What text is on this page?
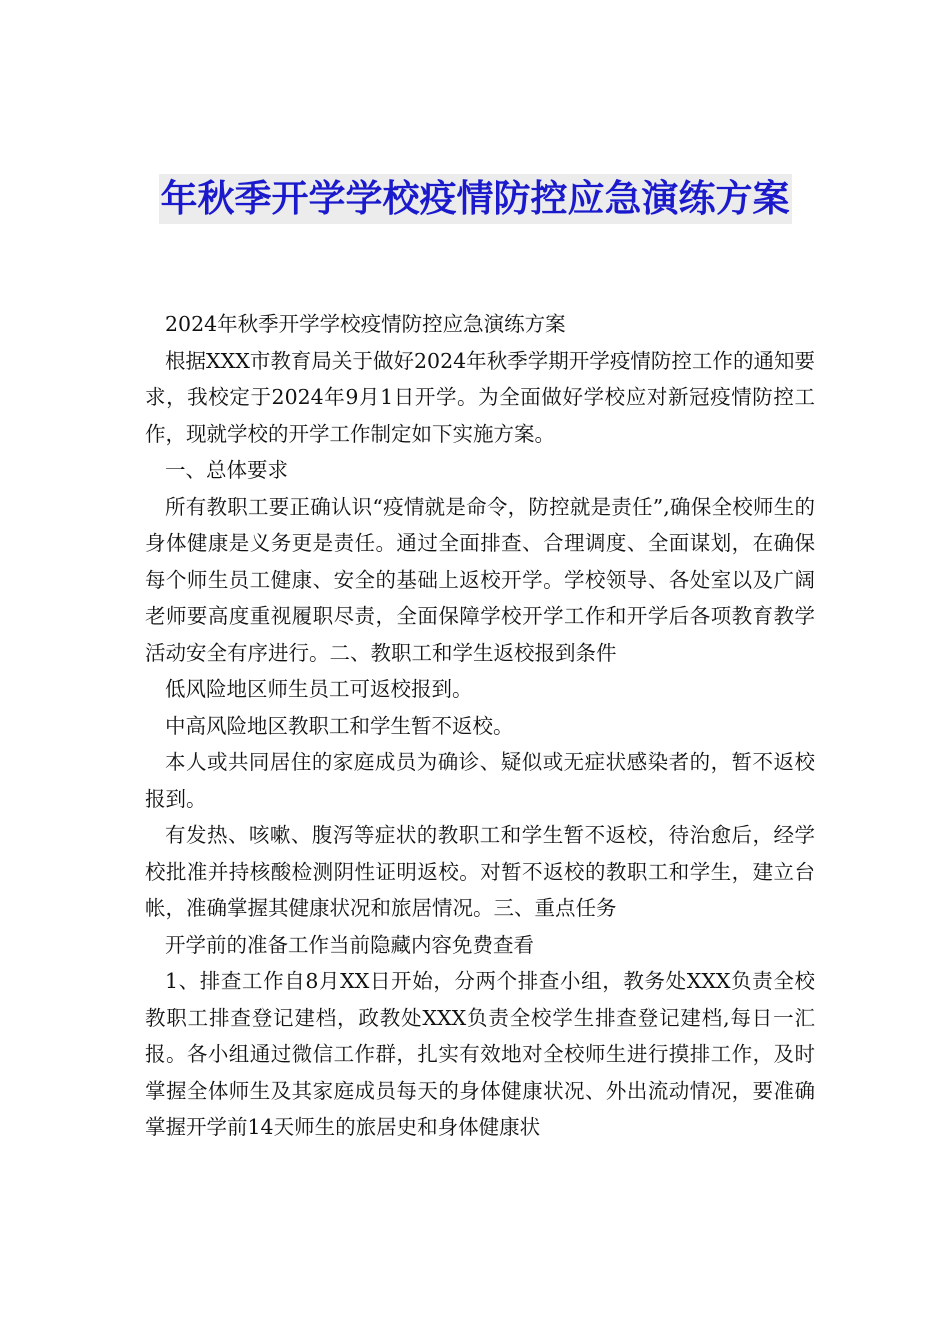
年秋季开学学校疫情防控应急演练方案

2024年秋季开学学校疫情防控应急演练方案

根据XXX市教育局关于做好2024年秋季学期开学疫情防控工作的通知要求，我校定于2024年9月1日开学。为全面做好学校应对新冠疫情防控工作，现就学校的开学工作制定如下实施方案。

一、总体要求

所有教职工要正确认识“疫情就是命令，防控就是责任”,确保全校师生的身体健康是义务更是责任。通过全面排查、合理调度、全面谋划，在确保每个师生员工健康、安全的基础上返校开学。学校领导、各处室以及广阔老师要高度重视履职尽责，全面保障学校开学工作和开学后各项教育教学活动安全有序进行。二、教职工和学生返校报到条件

低风险地区师生员工可返校报到。

中高风险地区教职工和学生暂不返校。

本人或共同居住的家庭成员为确诊、疑似或无症状感染者的，暂不返校报到。

有发热、咳嗽、腹泻等症状的教职工和学生暂不返校，待治愈后，经学校批准并持核酸检测阴性证明返校。对暂不返校的教职工和学生，建立台帐，准确掌握其健康状况和旅居情况。三、重点任务

开学前的准备工作当前隐藏内容免费查看

1、排查工作自8月XX日开始，分两个排查小组，教务处XXX负责全校教职工排查登记建档，政教处XXX负责全校学生排查登记建档,每日一汇报。各小组通过微信工作群，扎实有效地对全校师生进行摸排工作，及时掌握全体师生及其家庭成员每天的身体健康状况、外出流动情况，要准确掌握开学前14天师生的旅居史和身体健康状
